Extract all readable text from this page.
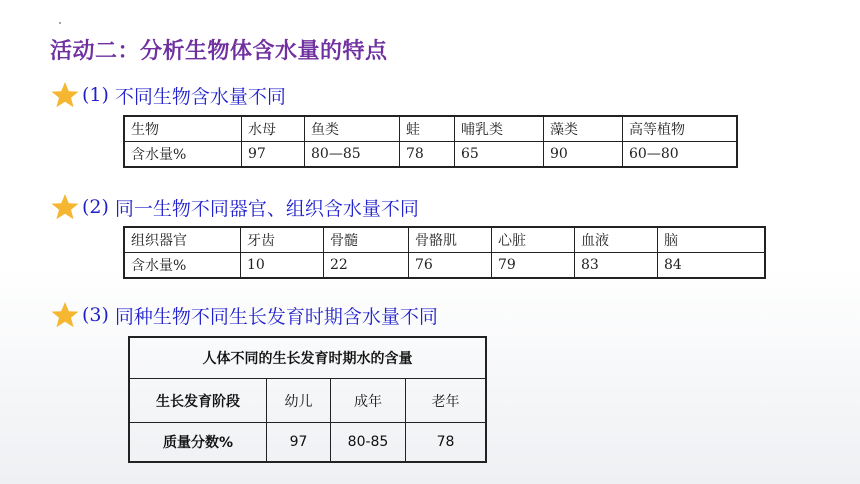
活动二：分析生物体含水量的特点
(1) 不同生物含水量不同
生物	水母	鱼类	蛙	哺乳类	藻类	高等植物
含水量%	97	80—85	78	65	90	60—80
(2) 同一生物不同器官、组织含水量不同
组织器官	牙齿	骨髓	骨骼肌	心脏	血液	脑
含水量%	10	22	76	79	83	84
(3) 同种生物不同生长发育时期含水量不同
人体不同的生长发育时期水的含量			
生长发育阶段	幼儿	成年	老年
质量分数%	97	80-85	78
